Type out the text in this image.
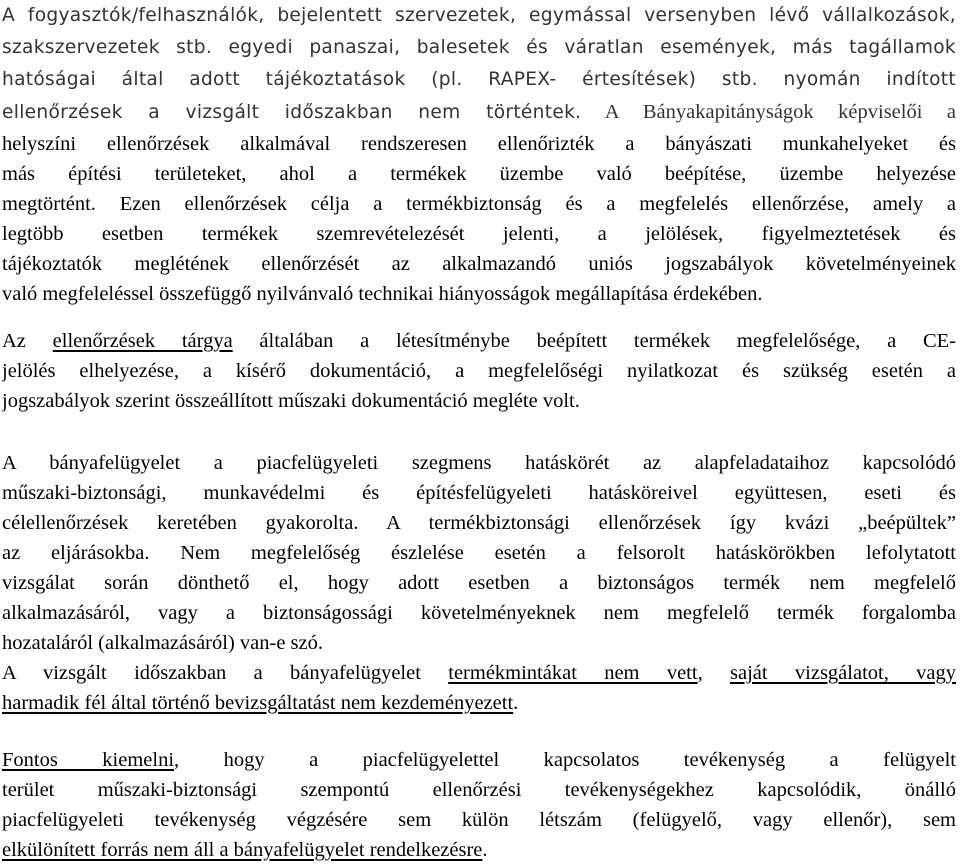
A fogyasztók/felhasználók, bejelentett szervezetek, egymással versenyben lévő vállalkozások,
szakszervezetek stb. egyedi panaszai, balesetek és váratlan események, más tagállamok
hatóságai által adott tájékoztatások (pl. RAPEX- értesítések) stb. nyomán indított
ellenőrzések a vizsgált időszakban nem történtek. A Bányakapitányságok képviselői a
helyszíni ellenőrzések alkalmával rendszeresen ellenőrizték a bányászati munkahelyeket és
más építési területeket, ahol a termékek üzembe való beépítése, üzembe helyezése
megtörtént. Ezen ellenőrzések célja a termékbiztonság és a megfelelés ellenőrzése, amely a
legtöbb esetben termékek szemrevételezését jelenti, a jelölések, figyelmeztetések és
tájékoztatók meglétének ellenőrzését az alkalmazandó uniós jogszabályok követelményeinek
való megfeleléssel összefüggő nyilvánvaló technikai hiányosságok megállapítása érdekében.
Az ellenőrzések tárgya általában a létesítménybe beépített termékek megfelelősége, a CE-
jelölés elhelyezése, a kísérő dokumentáció, a megfelelőségi nyilatkozat és szükség esetén a
jogszabályok szerint összeállított műszaki dokumentáció megléte volt.
A bányafelügyelet a piacfelügyeleti szegmens hatáskörét az alapfeladataihoz kapcsolódó
műszaki-biztonsági, munkavédelmi és építésfelügyeleti hatásköreivel együttesen, eseti és
célellenőrzések keretében gyakorolta. A termékbiztonsági ellenőrzések így kvázi „beépültek”
az eljárásokba. Nem megfelelőség észlelése esetén a felsorolt hatáskörökben lefolytatott
vizsgálat során dönthető el, hogy adott esetben a biztonságos termék nem megfelelő
alkalmazásáról, vagy a biztonságossági követelményeknek nem megfelelő termék forgalomba
hozataláról (alkalmazásáról) van-e szó.
A vizsgált időszakban a bányafelügyelet termékmintákat nem vett, saját vizsgálatot, vagy
harmadik fél által történő bevizsgáltatást nem kezdeményezett.
Fontos kiemelni, hogy a piacfelügyelettel kapcsolatos tevékenység a felügyelt
terület műszaki-biztonsági szempontú ellenőrzési tevékenységekhez kapcsolódik, önálló
piacfelügyeleti tevékenység végzésére sem külön létszám (felügyelő, vagy ellenőr), sem
elkülönített forrás nem áll a bányafelügyelet rendelkezésre.
